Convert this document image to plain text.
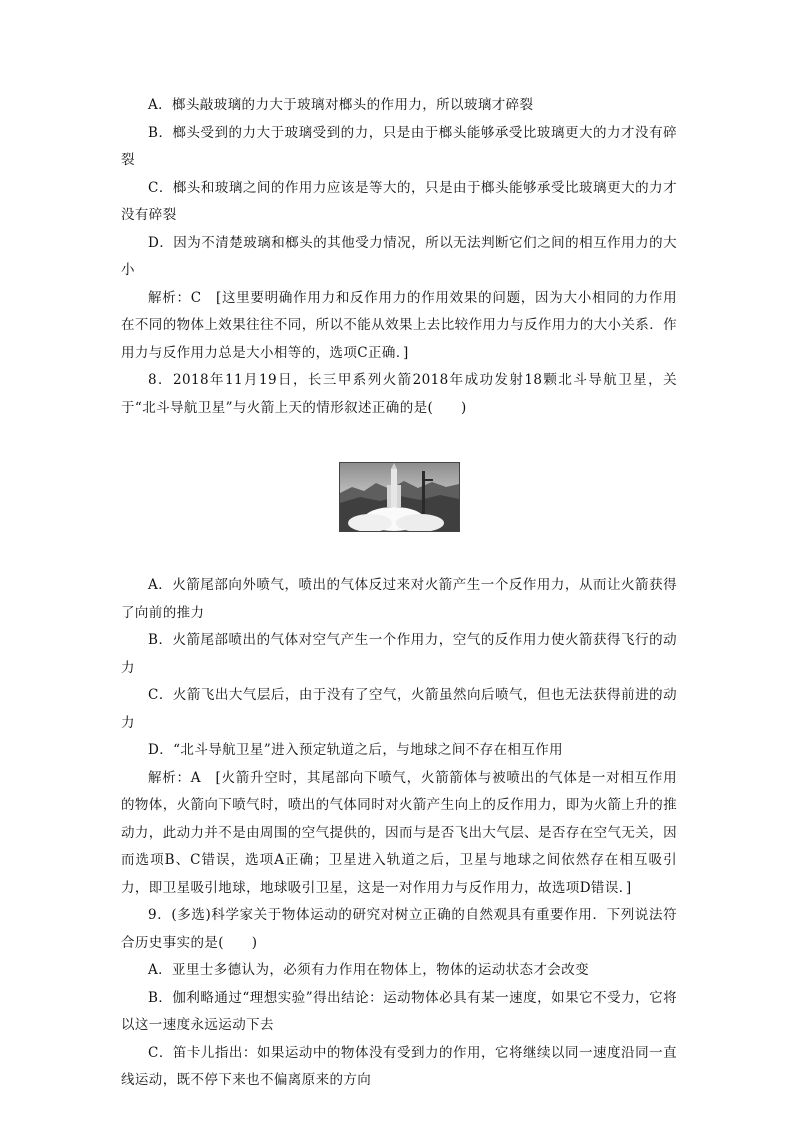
A．榔头敲玻璃的力大于玻璃对榔头的作用力，所以玻璃才碎裂

B．榔头受到的力大于玻璃受到的力，只是由于榔头能够承受比玻璃更大的力才没有碎裂

C．榔头和玻璃之间的作用力应该是等大的，只是由于榔头能够承受比玻璃更大的力才没有碎裂

D．因为不清楚玻璃和榔头的其他受力情况，所以无法判断它们之间的相互作用力的大小

解析：C　[这里要明确作用力和反作用力的作用效果的问题，因为大小相同的力作用在不同的物体上效果往往不同，所以不能从效果上去比较作用力与反作用力的大小关系．作用力与反作用力总是大小相等的，选项C正确．]

8．2018年11月19日，长三甲系列火箭2018年成功发射18颗北斗导航卫星，关于“北斗导航卫星”与火箭上天的情形叙述正确的是(　　)

A．火箭尾部向外喷气，喷出的气体反过来对火箭产生一个反作用力，从而让火箭获得了向前的推力

B．火箭尾部喷出的气体对空气产生一个作用力，空气的反作用力使火箭获得飞行的动力

C．火箭飞出大气层后，由于没有了空气，火箭虽然向后喷气，但也无法获得前进的动力

D．“北斗导航卫星”进入预定轨道之后，与地球之间不存在相互作用

解析：A　[火箭升空时，其尾部向下喷气，火箭箭体与被喷出的气体是一对相互作用的物体，火箭向下喷气时，喷出的气体同时对火箭产生向上的反作用力，即为火箭上升的推动力，此动力并不是由周围的空气提供的，因而与是否飞出大气层、是否存在空气无关，因而选项B、C错误，选项A正确；卫星进入轨道之后，卫星与地球之间依然存在相互吸引力，即卫星吸引地球，地球吸引卫星，这是一对作用力与反作用力，故选项D错误．]

9．(多选)科学家关于物体运动的研究对树立正确的自然观具有重要作用．下列说法符合历史事实的是(　　)

A．亚里士多德认为，必须有力作用在物体上，物体的运动状态才会改变

B．伽利略通过“理想实验”得出结论：运动物体必具有某一速度，如果它不受力，它将以这一速度永远运动下去

C．笛卡儿指出：如果运动中的物体没有受到力的作用，它将继续以同一速度沿同一直线运动，既不停下来也不偏离原来的方向
